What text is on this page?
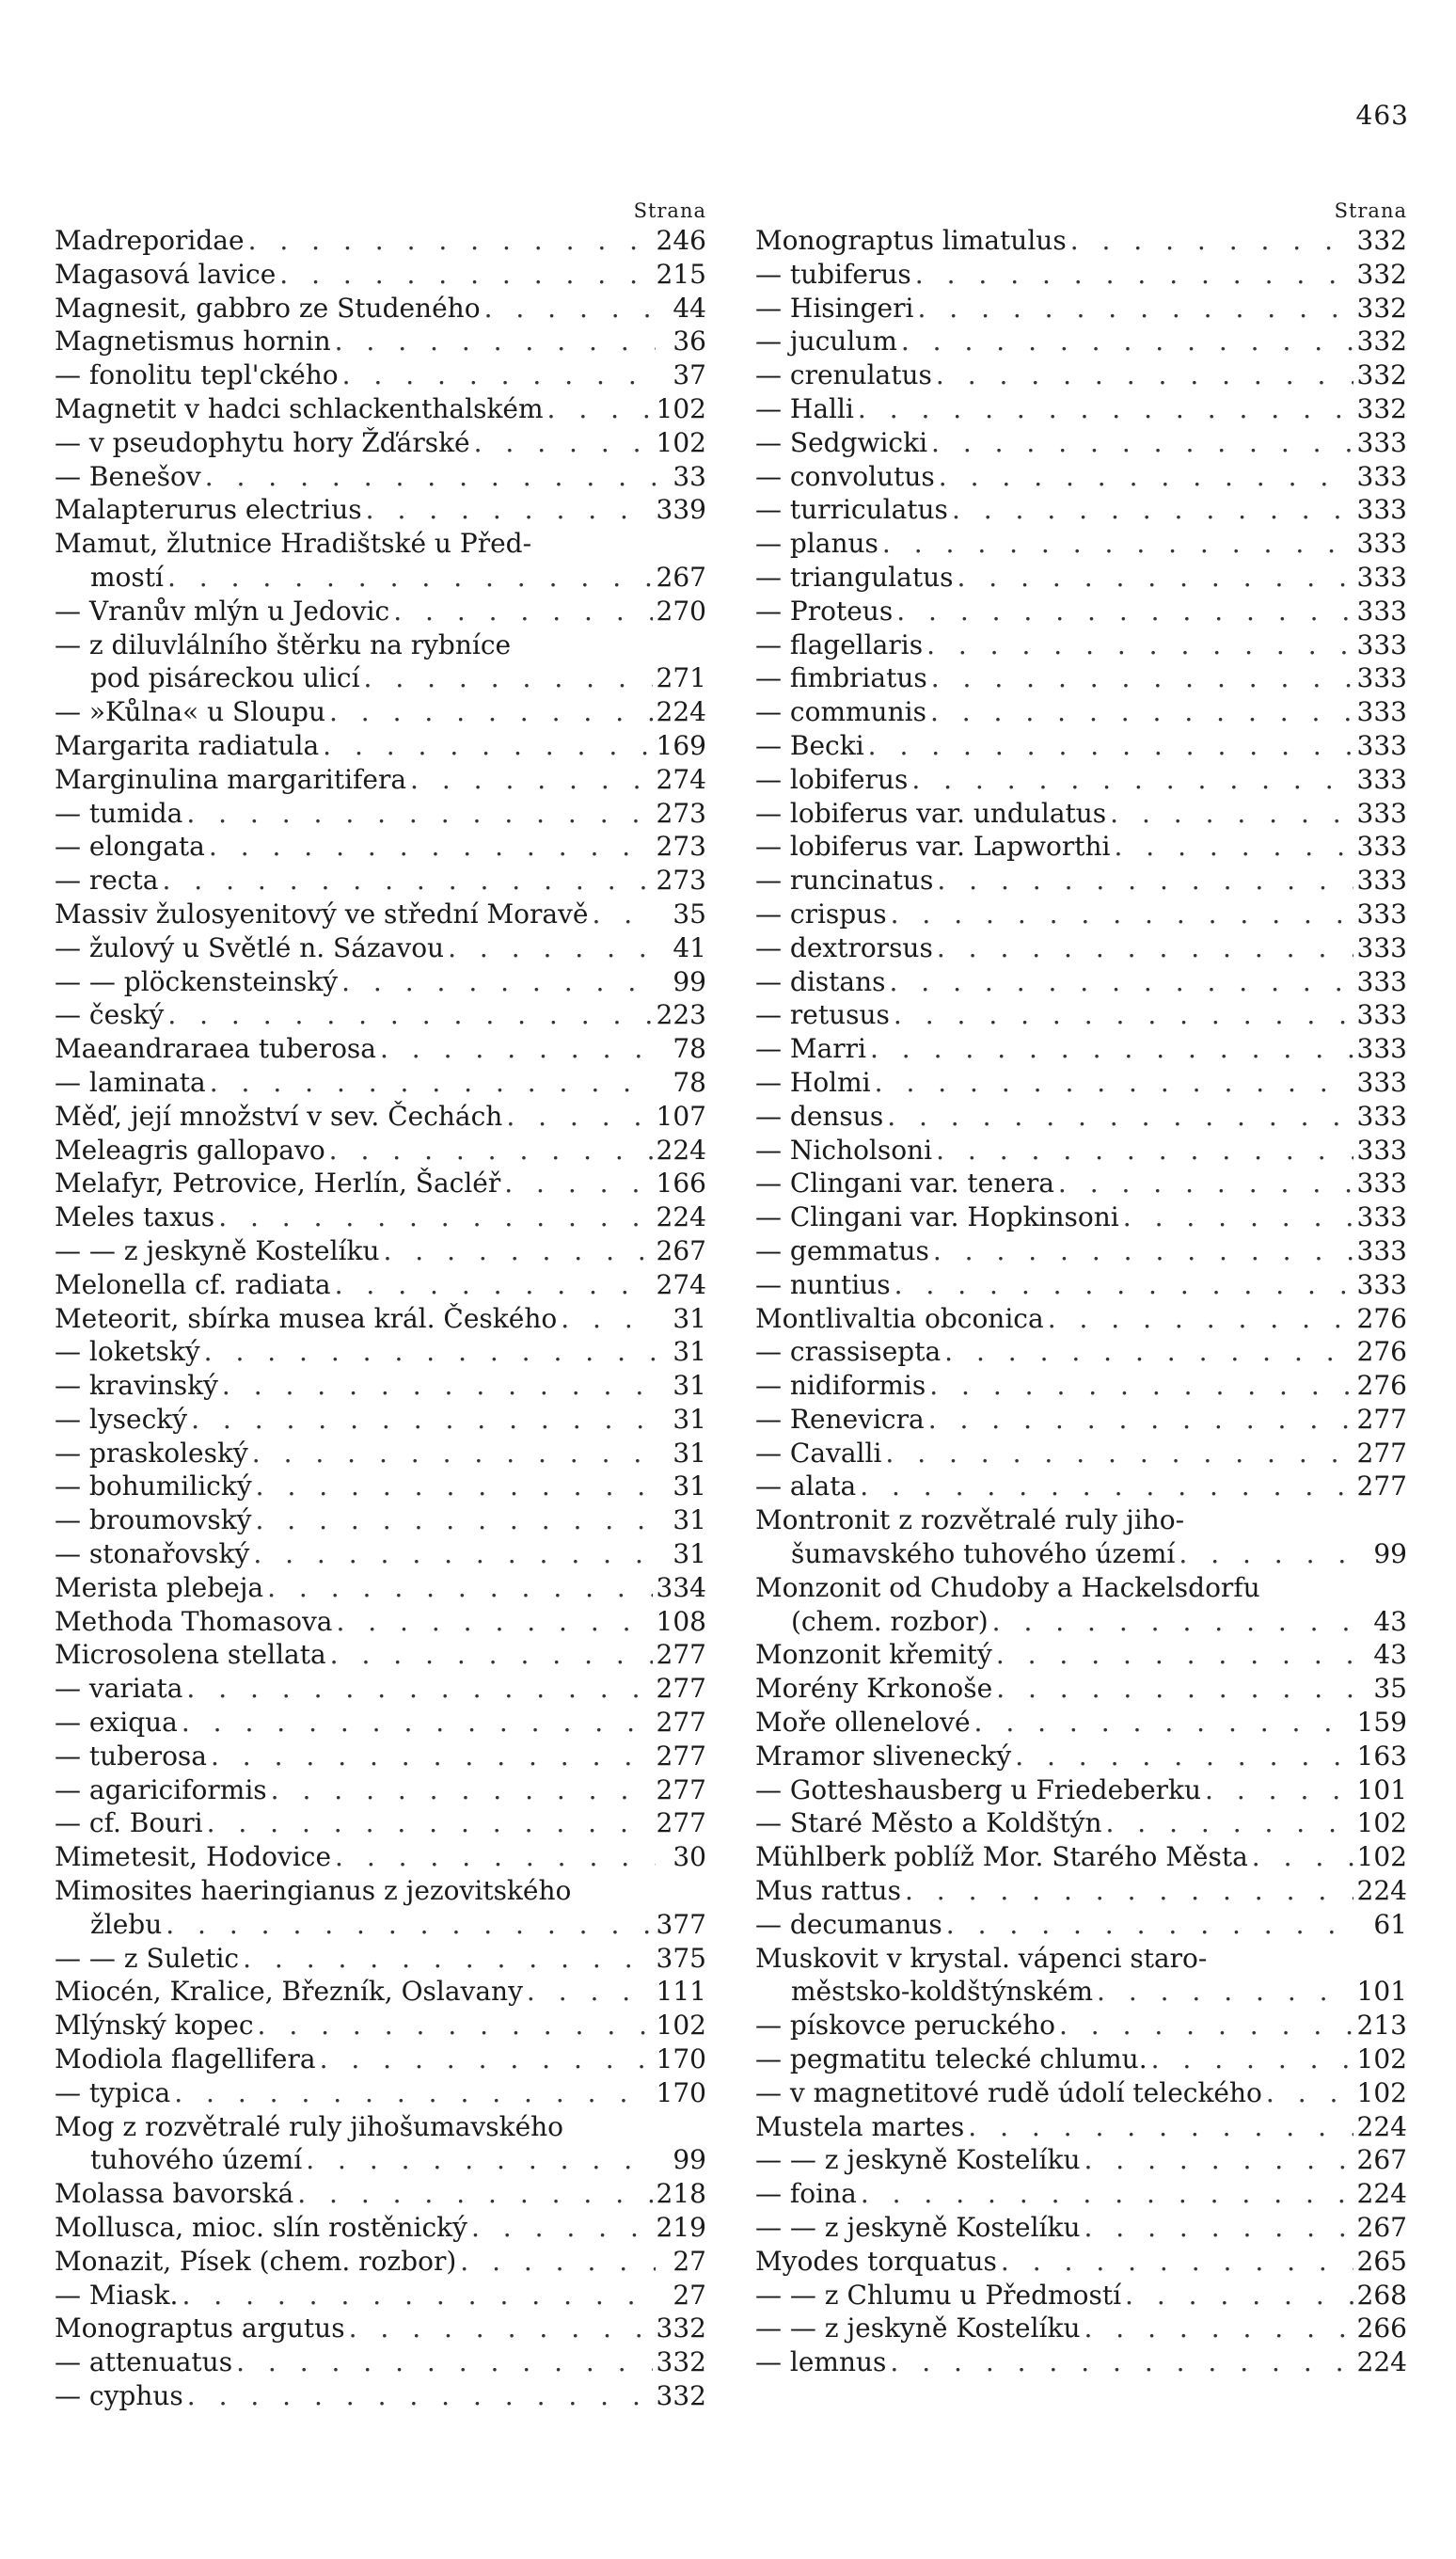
463
Strana
Madreporidae . . .	246
Magasová lavice . . .	215
Magnesit, gabbro ze Studeného . . .	44
Magnetismus hornin . . .	36
— fonolitu tepl'ckého . . .	37
Magnetit v hadci schlackenthalském . . .	102
— v pseudophytu hory Žďárské . . .	102
— Benešov . . .	33
Malapterurus electrius . . .	339
Mamut, žlutnice Hradištské u Před-
mostí . . .	267
— Vranův mlýn u Jedovic . . .	270
— z diluvlálního štěrku na rybníce
pod pisáreckou ulicí . . .	271
— »Kůlna« u Sloupu . . .	224
Margarita radiatula . . .	169
Marginulina margaritifera . . .	274
— tumida . . .	273
— elongata . . .	273
— recta . . .	273
Massiv žulosyenitový ve střední Moravě . . .	35
— žulový u Světlé n. Sázavou . . .	41
— — plöckensteinský . . .	99
— český . . .	223
Maeandraraea tuberosa . . .	78
— laminata . . .	78
Měď, její množství v sev. Čechách . . .	107
Meleagris gallopavo . . .	224
Melafyr, Petrovice, Herlín, Šacléř . . .	166
Meles taxus . . .	224
— — z jeskyně Kostelíku . . .	267
Melonella cf. radiata . . .	274
Meteorit, sbírka musea král. Českého . . .	31
— loketský . . .	31
— kravinský . . .	31
— lysecký . . .	31
— praskoleský . . .	31
— bohumilický . . .	31
— broumovský . . .	31
— stonařovský . . .	31
Merista plebeja . . .	334
Methoda Thomasova . . .	108
Microsolena stellata . . .	277
— variata . . .	277
— exiqua . . .	277
— tuberosa . . .	277
— agariciformis . . .	277
— cf. Bouri . . .	277
Mimetesit, Hodovice . . .	30
Mimosites haeringianus z jezovitského
žlebu . . .	377
— — z Suletic . . .	375
Miocén, Kralice, Březník, Oslavany . . .	111
Mlýnský kopec . . .	102
Modiola flagellifera . . .	170
— typica . . .	170
Mog z rozvětralé ruly jihošumavského
tuhového území . . .	99
Molassa bavorská . . .	218
Mollusca, mioc. slín rostěnický . . .	219
Monazit, Písek (chem. rozbor) . . .	27
— Miask. . . .	27
Monograptus argutus . . .	332
— attenuatus . . .	332
— cyphus . . .	332
Strana
Monograptus limatulus . . .	332
— tubiferus . . .	332
— Hisingeri . . .	332
— juculum . . .	332
— crenulatus . . .	332
— Halli . . .	332
— Sedgwicki . . .	333
— convolutus . . .	333
— turriculatus . . .	333
— planus . . .	333
— triangulatus . . .	333
— Proteus . . .	333
— flagellaris . . .	333
— fimbriatus . . .	333
— communis . . .	333
— Becki . . .	333
— lobiferus . . .	333
— lobiferus var. undulatus . . .	333
— lobiferus var. Lapworthi . . .	333
— runcinatus . . .	333
— crispus . . .	333
— dextrorsus . . .	333
— distans . . .	333
— retusus . . .	333
— Marri . . .	333
— Holmi . . .	333
— densus . . .	333
— Nicholsoni . . .	333
— Clingani var. tenera . . .	333
— Clingani var. Hopkinsoni . . .	333
— gemmatus . . .	333
— nuntius . . .	333
Montlivaltia obconica . . .	276
— crassisepta . . .	276
— nidiformis . . .	276
— Renevicra . . .	277
— Cavalli . . .	277
— alata . . .	277
Montronit z rozvětralé ruly jiho-
šumavského tuhového území . . .	99
Monzonit od Chudoby a Hackelsdorfu
(chem. rozbor) . . .	43
Monzonit křemitý . . .	43
Morény Krkonoše . . .	35
Moře ollenelové . . .	159
Mramor slivenecký . . .	163
— Gotteshausberg u Friedeberku . . .	101
— Staré Město a Koldštýn . . .	102
Mühlberk poblíž Mor. Starého Města . . .	102
Mus rattus . . .	224
— decumanus . . .	61
Muskovit v krystal. vápenci staro-
městsko-koldštýnském . . .	101
— pískovce peruckého . . .	213
— pegmatitu telecké chlumu. . . .	102
— v magnetitové rudě údolí teleckého . . .	102
Mustela martes . . .	224
— — z jeskyně Kostelíku . . .	267
— foina . . .	224
— — z jeskyně Kostelíku . . .	267
Myodes torquatus . . .	265
— — z Chlumu u Předmostí . . .	268
— — z jeskyně Kostelíku . . .	266
— lemnus . . .	224
